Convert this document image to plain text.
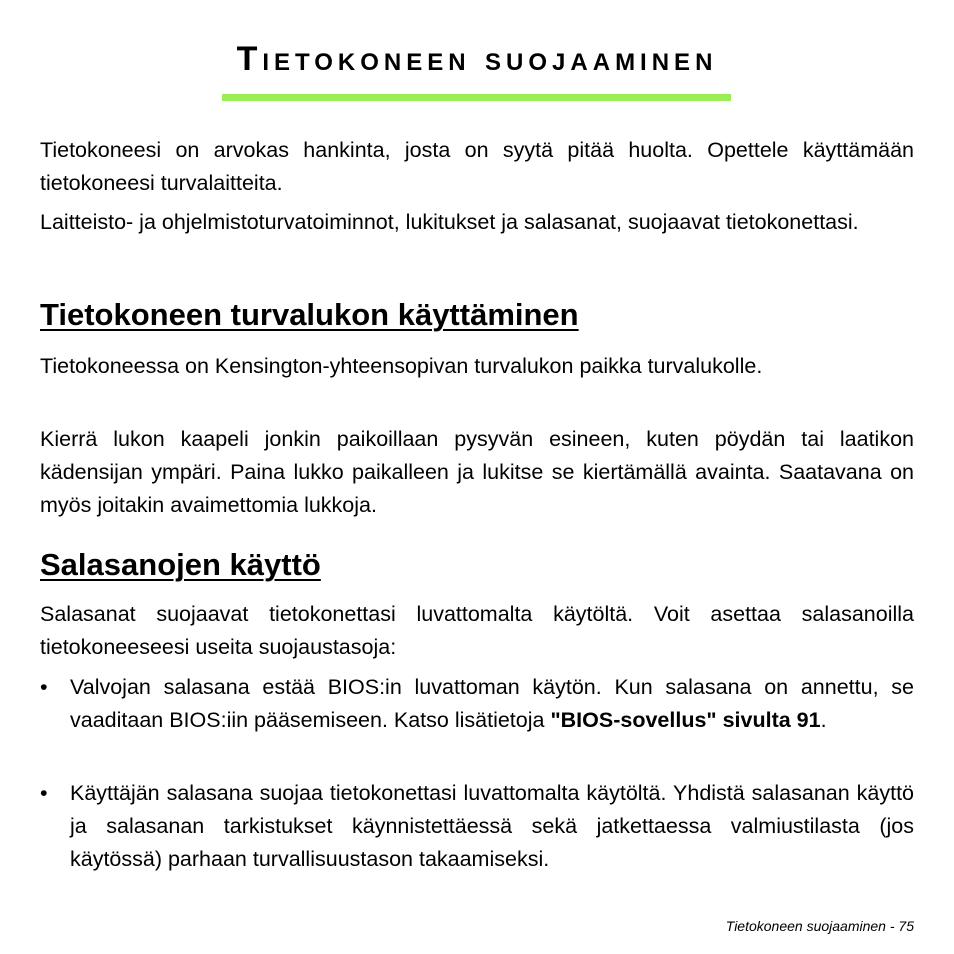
Tietokoneen suojaaminen

Tietokoneesi on arvokas hankinta, josta on syytä pitää huolta. Opettele käyttämään tietokoneesi turvalaitteita.

Laitteisto- ja ohjelmistoturvatoiminnot, lukitukset ja salasanat, suojaavat tietokonettasi.

Tietokoneen turvalukon käyttäminen

Tietokoneessa on Kensington-yhteensopivan turvalukon paikka turvalukolle.

Kierrä lukon kaapeli jonkin paikoillaan pysyvän esineen, kuten pöydän tai laatikon kädensijan ympäri. Paina lukko paikalleen ja lukitse se kiertämällä avainta. Saatavana on myös joitakin avaimettomia lukkoja.

Salasanojen käyttö

Salasanat suojaavat tietokonettasi luvattomalta käytöltä. Voit asettaa salasanoilla tietokoneeseesi useita suojaustasoja:

• Valvojan salasana estää BIOS:in luvattoman käytön. Kun salasana on annettu, se vaaditaan BIOS:iin pääsemiseen. Katso lisätietoja "BIOS-sovellus" sivulta 91.
• Käyttäjän salasana suojaa tietokonettasi luvattomalta käytöltä. Yhdistä salasanan käyttö ja salasanan tarkistukset käynnistettäessä sekä jatkettaessa valmiustilasta (jos käytössä) parhaan turvallisuustason takaamiseksi.
Tietokoneen suojaaminen - 75
